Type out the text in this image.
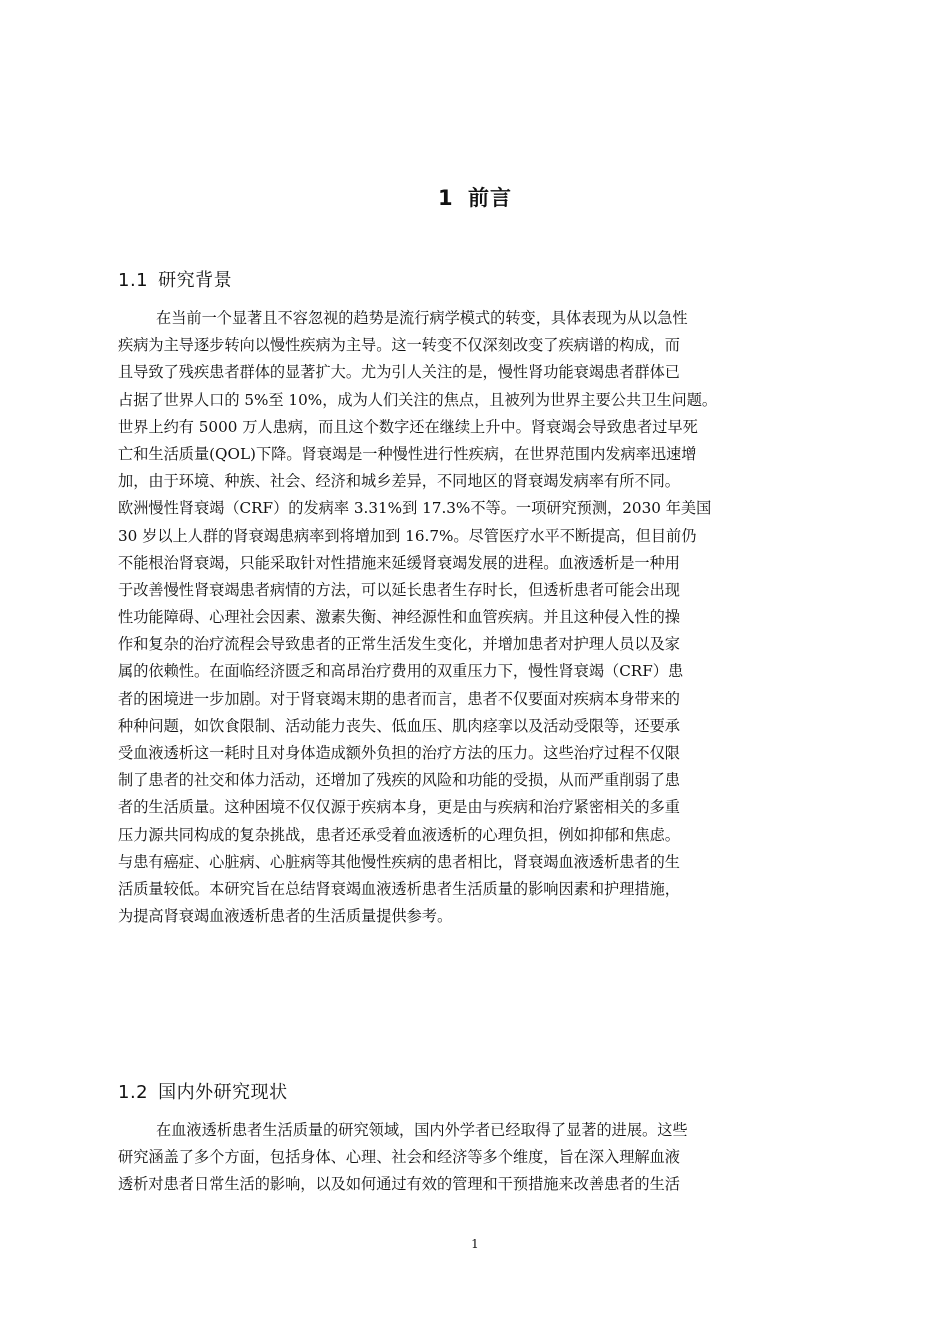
1 前言
1.1 研究背景
在当前一个显著且不容忽视的趋势是流行病学模式的转变，具体表现为从以急性
疾病为主导逐步转向以慢性疾病为主导。这一转变不仅深刻改变了疾病谱的构成，而
且导致了残疾患者群体的显著扩大。尤为引人关注的是，慢性肾功能衰竭患者群体已
占据了世界人口的 5%至 10%，成为人们关注的焦点，且被列为世界主要公共卫生问题。
世界上约有 5000 万人患病，而且这个数字还在继续上升中。肾衰竭会导致患者过早死
亡和生活质量(QOL)下降。肾衰竭是一种慢性进行性疾病，在世界范围内发病率迅速增
加，由于环境、种族、社会、经济和城乡差异，不同地区的肾衰竭发病率有所不同。
欧洲慢性肾衰竭（CRF）的发病率 3.31%到 17.3%不等。一项研究预测，2030 年美国
30 岁以上人群的肾衰竭患病率到将增加到 16.7%。尽管医疗水平不断提高，但目前仍
不能根治肾衰竭，只能采取针对性措施来延缓肾衰竭发展的进程。血液透析是一种用
于改善慢性肾衰竭患者病情的方法，可以延长患者生存时长，但透析患者可能会出现
性功能障碍、心理社会因素、激素失衡、神经源性和血管疾病。并且这种侵入性的操
作和复杂的治疗流程会导致患者的正常生活发生变化，并增加患者对护理人员以及家
属的依赖性。在面临经济匮乏和高昂治疗费用的双重压力下，慢性肾衰竭（CRF）患
者的困境进一步加剧。对于肾衰竭末期的患者而言，患者不仅要面对疾病本身带来的
种种问题，如饮食限制、活动能力丧失、低血压、肌肉痉挛以及活动受限等，还要承
受血液透析这一耗时且对身体造成额外负担的治疗方法的压力。这些治疗过程不仅限
制了患者的社交和体力活动，还增加了残疾的风险和功能的受损，从而严重削弱了患
者的生活质量。这种困境不仅仅源于疾病本身，更是由与疾病和治疗紧密相关的多重
压力源共同构成的复杂挑战，患者还承受着血液透析的心理负担，例如抑郁和焦虑。
与患有癌症、心脏病、心脏病等其他慢性疾病的患者相比，肾衰竭血液透析患者的生
活质量较低。本研究旨在总结肾衰竭血液透析患者生活质量的影响因素和护理措施，
为提高肾衰竭血液透析患者的生活质量提供参考。
1.2 国内外研究现状
在血液透析患者生活质量的研究领域，国内外学者已经取得了显著的进展。这些
研究涵盖了多个方面，包括身体、心理、社会和经济等多个维度，旨在深入理解血液
透析对患者日常生活的影响，以及如何通过有效的管理和干预措施来改善患者的生活
1
